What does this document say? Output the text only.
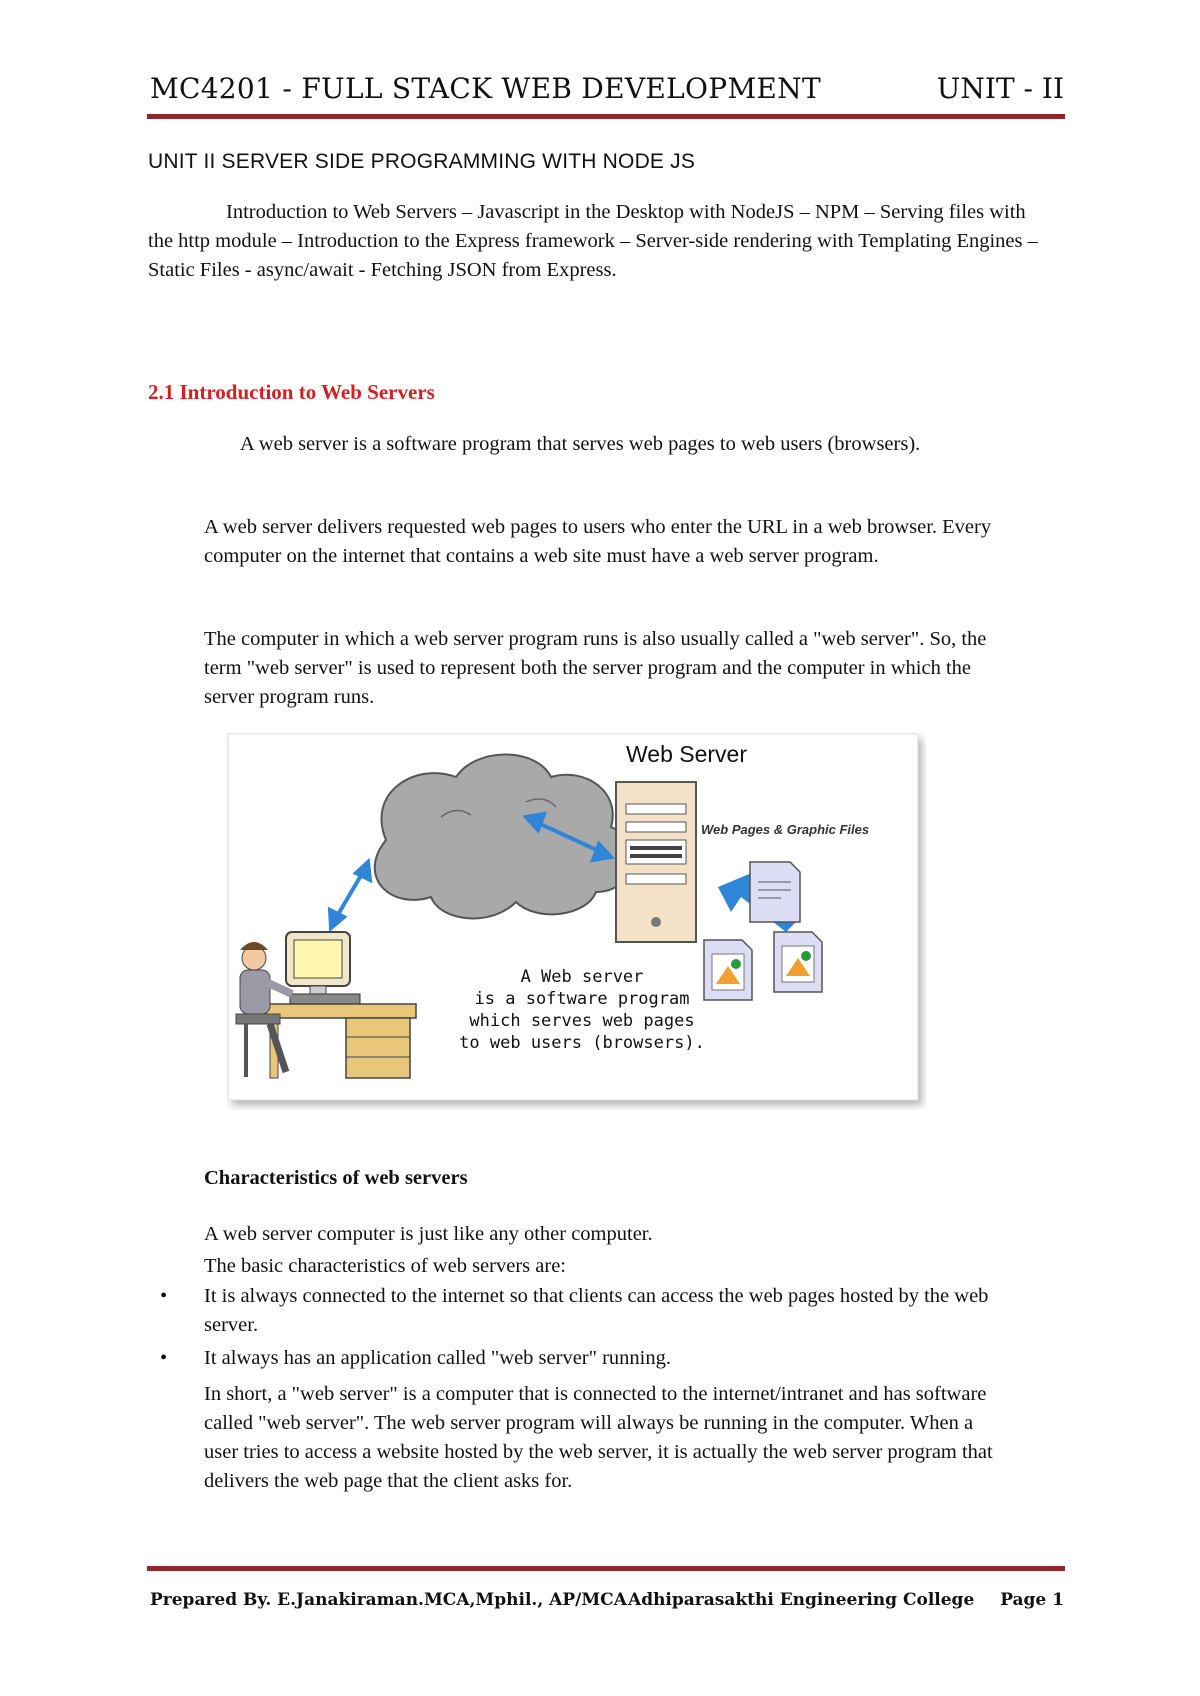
MC4201 - FULL STACK WEB DEVELOPMENT	UNIT - II
UNIT II SERVER SIDE PROGRAMMING WITH NODE JS
Introduction to Web Servers – Javascript in the Desktop with NodeJS – NPM – Serving files with the http module – Introduction to the Express framework – Server-side rendering with Templating Engines – Static Files - async/await - Fetching JSON from Express.
2.1 Introduction to Web Servers
A web server is a software program that serves web pages to web users (browsers).
A web server delivers requested web pages to users who enter the URL in a web browser. Every computer on the internet that contains a web site must have a web server program.
The computer in which a web server program runs is also usually called a "web server". So, the term "web server" is used to represent both the server program and the computer in which the server program runs.
Web Server
Web Pages & Graphic Files
A Web server
is a software program
which serves web pages
to web users (browsers).
Characteristics of web servers
A web server computer is just like any other computer.
The basic characteristics of web servers are:
• It is always connected to the internet so that clients can access the web pages hosted by the web server.
• It always has an application called "web server" running.
In short, a "web server" is a computer that is connected to the internet/intranet and has software called "web server". The web server program will always be running in the computer. When a user tries to access a website hosted by the web server, it is actually the web server program that delivers the web page that the client asks for.
Prepared By. E.Janakiraman.MCA,Mphil., AP/MCA Adhiparasakthi Engineering College Page 1
